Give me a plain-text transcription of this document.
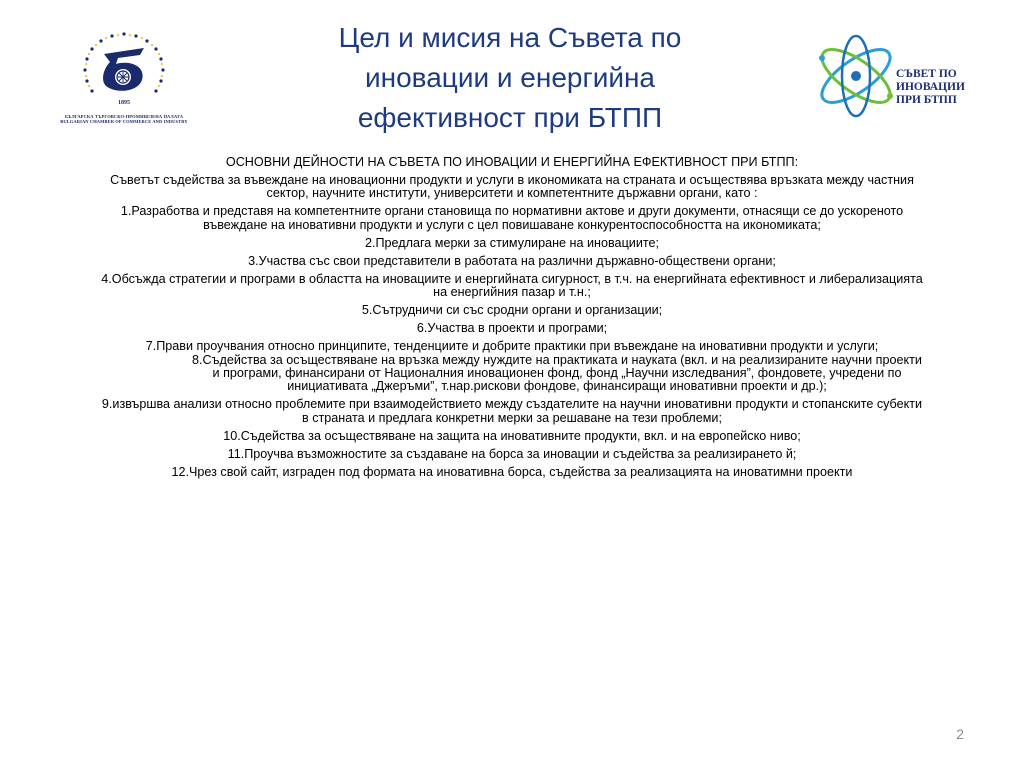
1895
БЪЛГАРСКА ТЪРГОВСКО-ПРОМИШЛЕНА ПАЛАТА
BULGARIAN CHAMBER OF COMMERCE AND INDUSTRY
Цел и мисия на Съвета по
иновации и енергийна
ефективност при БТПП
СЪВЕТ ПО
ИНОВАЦИИ
ПРИ БТПП

ОСНОВНИ ДЕЙНОСТИ НА СЪВЕТА ПО ИНОВАЦИИ И ЕНЕРГИЙНА ЕФЕКТИВНОСТ ПРИ БТПП:

Съветът съдейства за въвеждане на иновационни продукти и услуги в икономиката на страната и осъществява връзката между частния сектор, научните институти, университети и компетентните държавни органи, като :

1.Разработва и представя на компетентните органи становища по нормативни актове и други документи, отнасящи се до ускореното въвеждане на иновативни продукти и услуги с цел повишаване конкурентоспособността на икономиката;

2.Предлага мерки за стимулиране на иновациите;

3.Участва със свои представители в работата на различни държавно-обществени органи;

4.Обсъжда стратегии и програми в областта на иновациите и енергийната сигурност, в т.ч. на енергийната ефективност и либерализацията на енергийния пазар и т.н.;

5.Сътрудничи си със сродни органи и организации;

6.Участва в проекти и програми;

7.Прави проучвания относно принципите, тенденциите и добрите практики при въвеждане на иновативни продукти и услуги;

8.Съдейства за осъществяване на връзка между нуждите на практиката и науката (вкл. и на реализираните научни проекти и програми, финансирани от Националния иновационен фонд, фонд „Научни изследвания”, фондовете, учредени по инициативата „Джеръми”, т.нар.рискови фондове, финансиращи иновативни проекти и др.);

9.извършва анализи относно проблемите при взаимодействието между създателите на научни иновативни продукти и стопанските субекти в страната и предлага конкретни мерки за решаване на тези проблеми;

10.Съдейства за осъществяване на защита на иновативните продукти, вкл. и на европейско ниво;

11.Проучва възможностите за създаване на борса за иновации и съдейства за реализирането й;

12.Чрез свой сайт, изграден под формата на иновативна борса, съдейства за реализацията на иноватимни проекти

2
